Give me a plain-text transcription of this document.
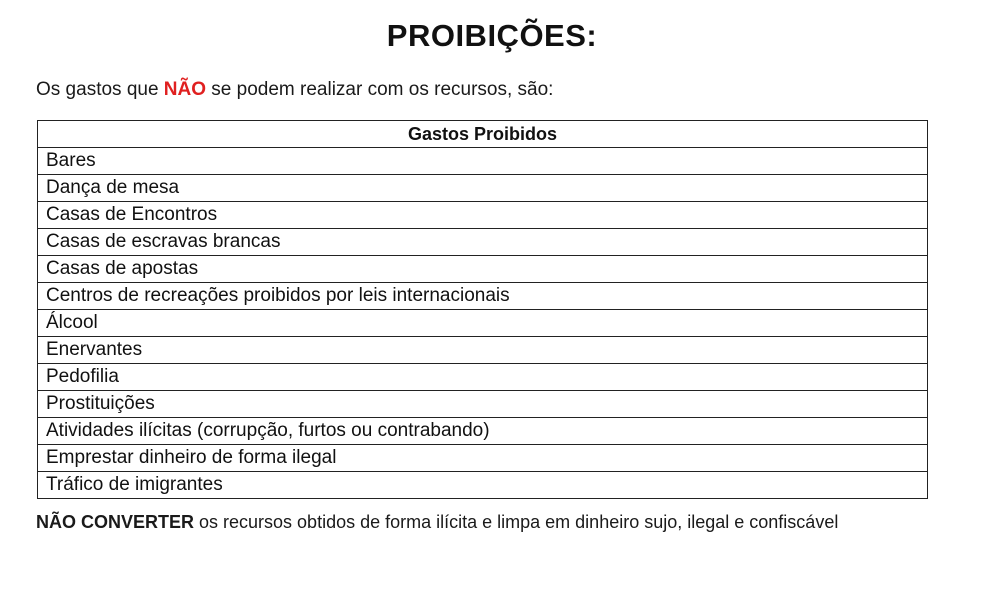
PROIBIÇÕES:
Os gastos que NÃO se podem realizar com os recursos, são:
Gastos Proibidos
Bares
Dança de mesa
Casas de Encontros
Casas de escravas brancas
Casas de apostas
Centros de recreações proibidos por leis internacionais
Álcool
Enervantes
Pedofilia
Prostituições
Atividades ilícitas (corrupção, furtos ou contrabando)
Emprestar dinheiro de forma ilegal
Tráfico de imigrantes
NÃO CONVERTER os recursos obtidos de forma ilícita e limpa em dinheiro sujo, ilegal e confiscável
